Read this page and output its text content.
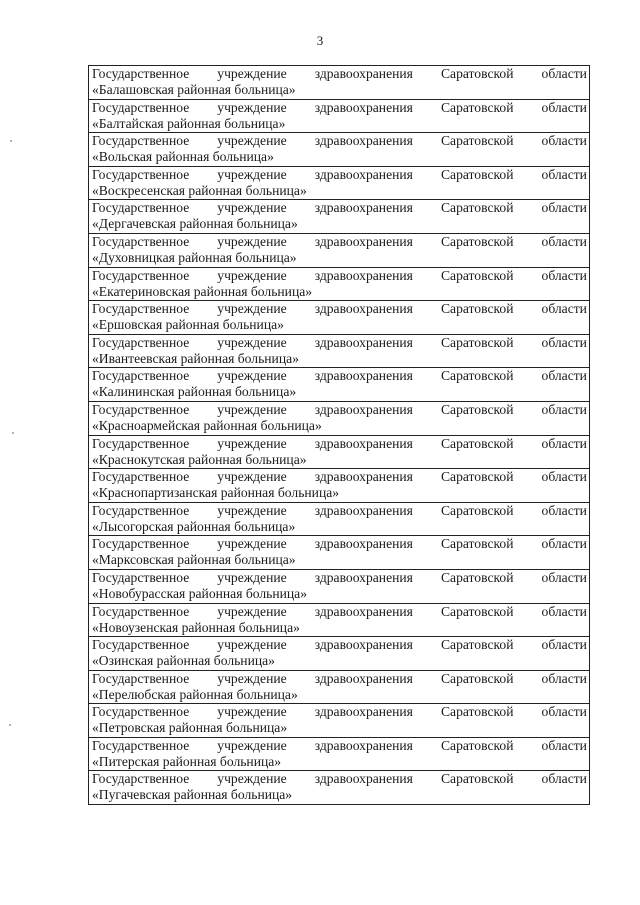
3
Государственное учреждение здравоохранения Саратовской области
«Балашовская районная больница»

Государственное учреждение здравоохранения Саратовской области
«Балтайская районная больница»

Государственное учреждение здравоохранения Саратовской области
«Вольская районная больница»

Государственное учреждение здравоохранения Саратовской области
«Воскресенская районная больница»

Государственное учреждение здравоохранения Саратовской области
«Дергачевская районная больница»

Государственное учреждение здравоохранения Саратовской области
«Духовницкая районная больница»

Государственное учреждение здравоохранения Саратовской области
«Екатериновская районная больница»

Государственное учреждение здравоохранения Саратовской области
«Ершовская районная больница»

Государственное учреждение здравоохранения Саратовской области
«Ивантеевская районная больница»

Государственное учреждение здравоохранения Саратовской области
«Калининская районная больница»

Государственное учреждение здравоохранения Саратовской области
«Красноармейская районная больница»

Государственное учреждение здравоохранения Саратовской области
«Краснокутская районная больница»

Государственное учреждение здравоохранения Саратовской области
«Краснопартизанская районная больница»

Государственное учреждение здравоохранения Саратовской области
«Лысогорская районная больница»

Государственное учреждение здравоохранения Саратовской области
«Марксовская районная больница»

Государственное учреждение здравоохранения Саратовской области
«Новобурасская районная больница»

Государственное учреждение здравоохранения Саратовской области
«Новоузенская районная больница»

Государственное учреждение здравоохранения Саратовской области
«Озинская районная больница»

Государственное учреждение здравоохранения Саратовской области
«Перелюбская районная больница»

Государственное учреждение здравоохранения Саратовской области
«Петровская районная больница»

Государственное учреждение здравоохранения Саратовской области
«Питерская районная больница»

Государственное учреждение здравоохранения Саратовской области
«Пугачевская районная больница»
